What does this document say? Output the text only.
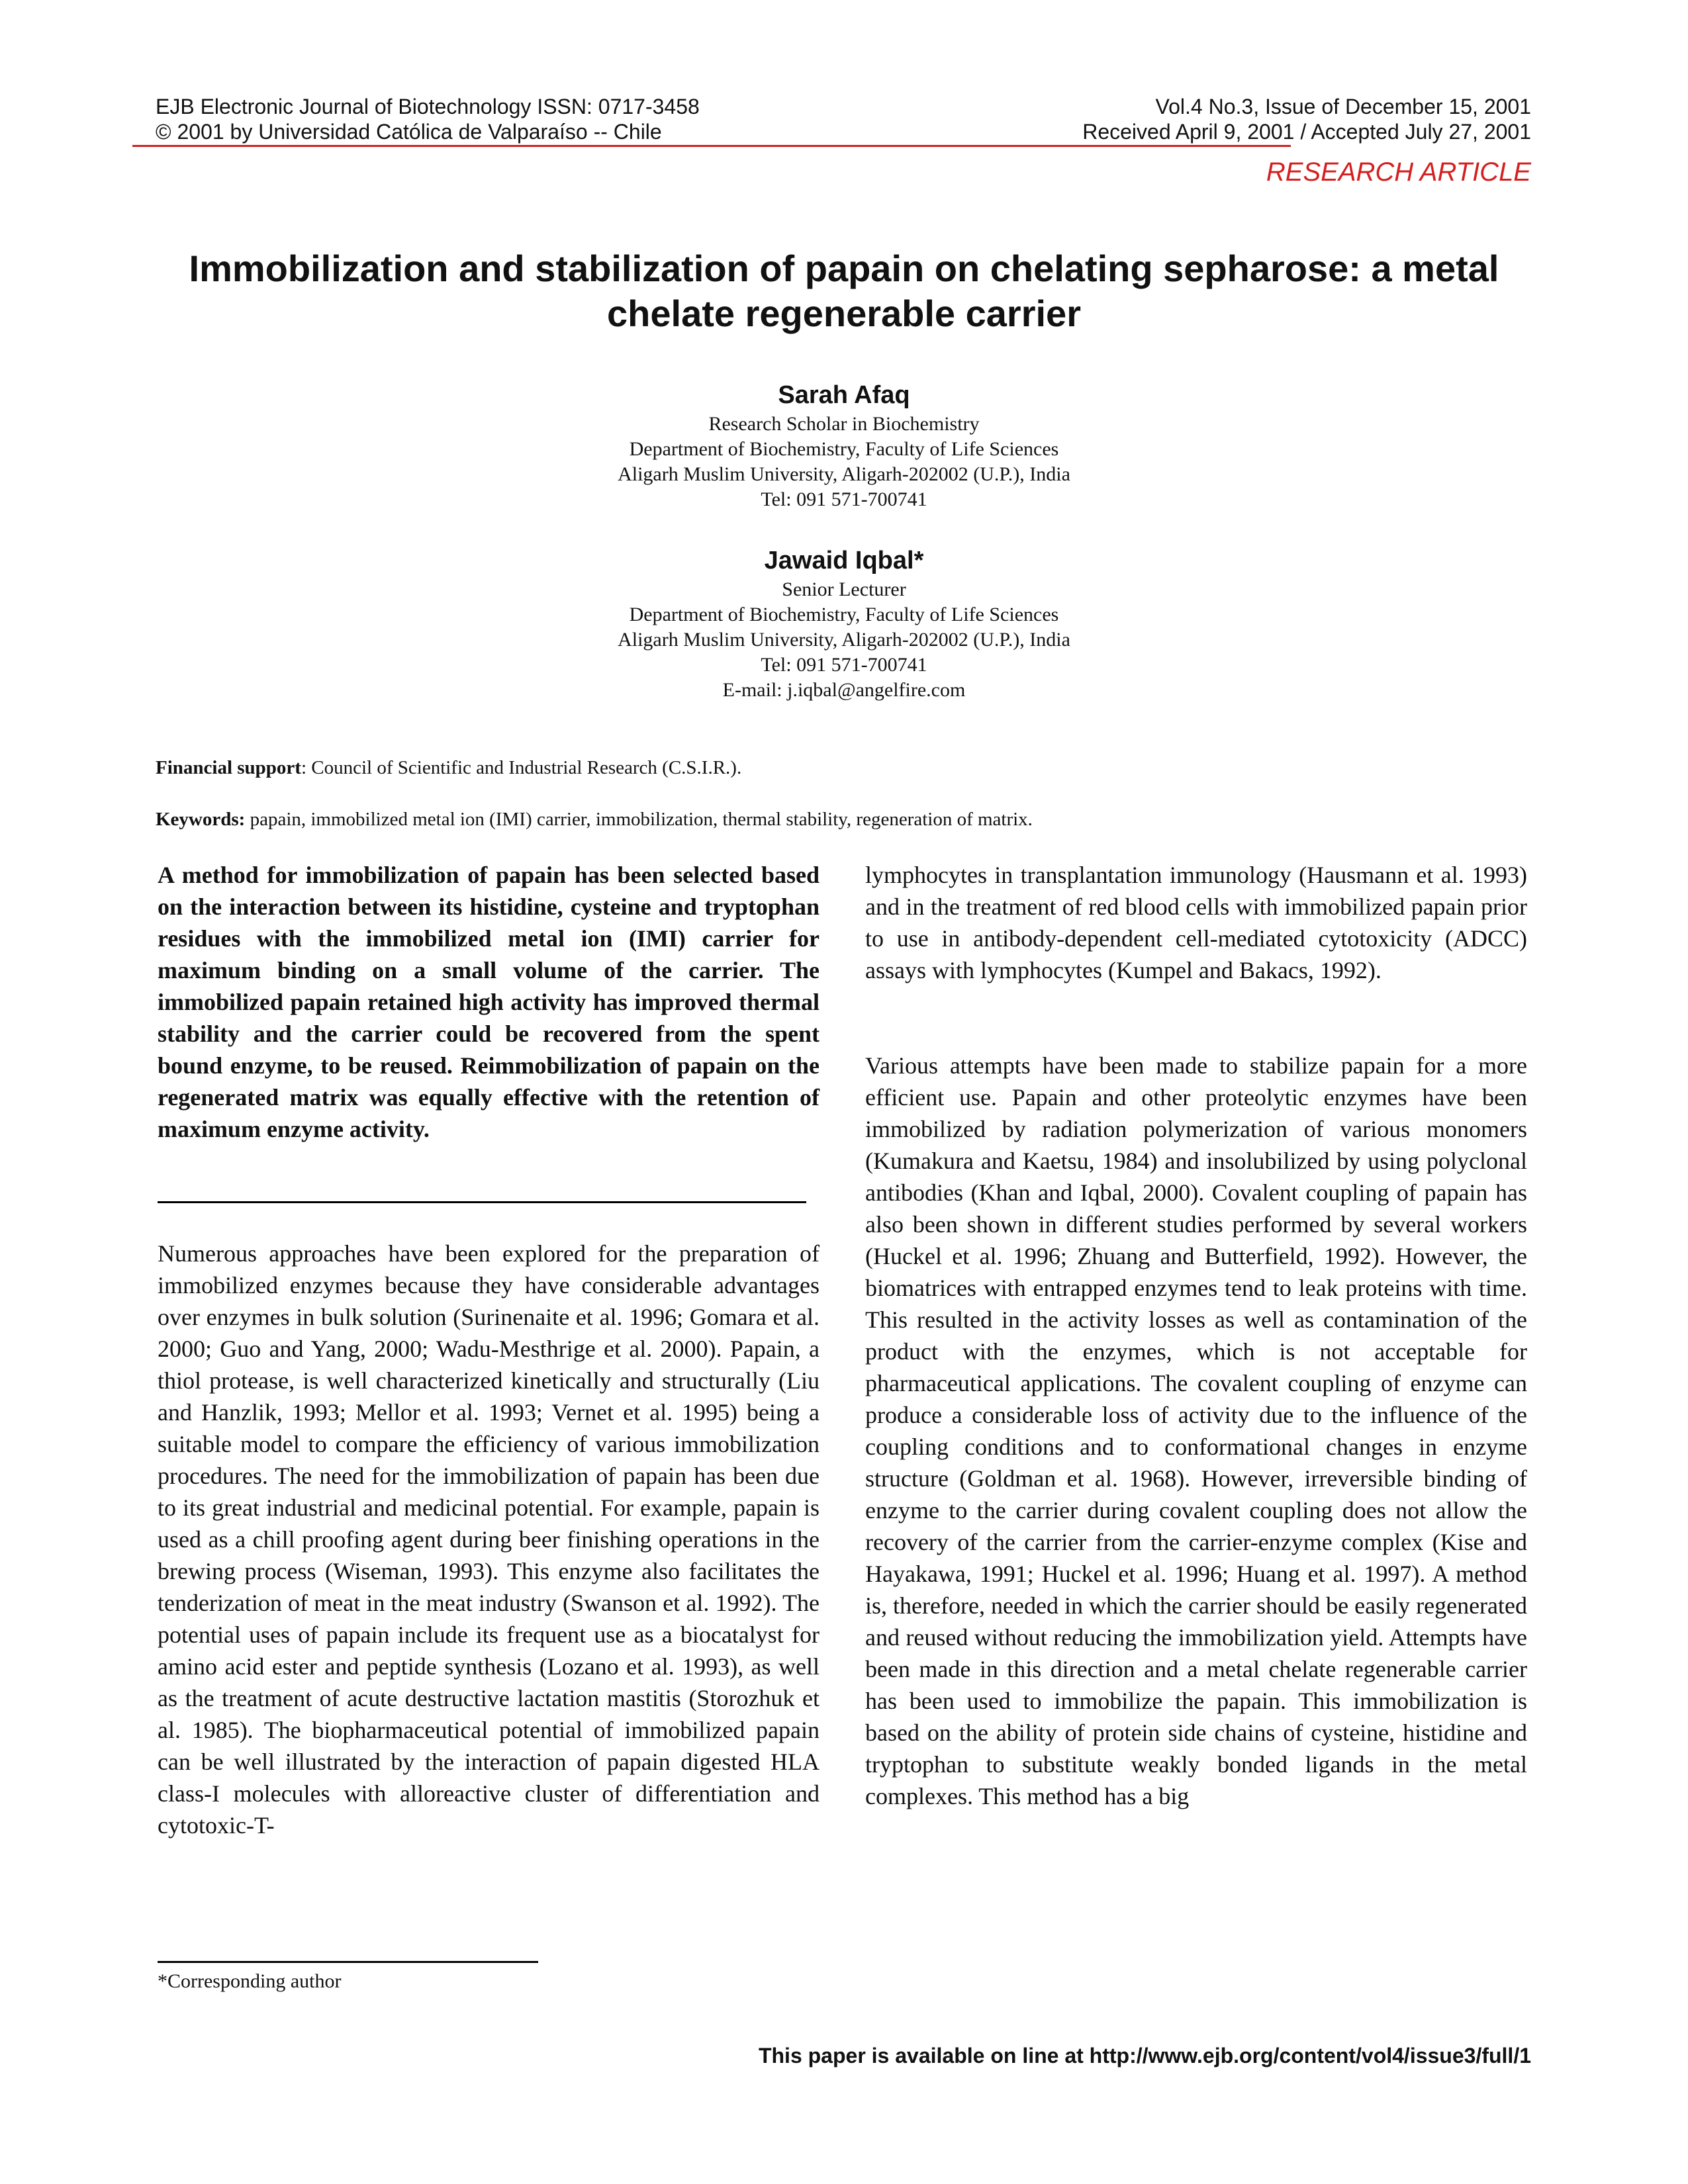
EJB Electronic Journal of Biotechnology ISSN: 0717-3458
© 2001 by Universidad Católica de Valparaíso -- Chile
Vol.4 No.3, Issue of December 15, 2001
Received April 9, 2001 / Accepted July 27, 2001
RESEARCH ARTICLE
Immobilization and stabilization of papain on chelating sepharose: a metal chelate regenerable carrier
Sarah Afaq
Research Scholar in Biochemistry
Department of Biochemistry, Faculty of Life Sciences
Aligarh Muslim University, Aligarh-202002 (U.P.), India
Tel: 091 571-700741
Jawaid Iqbal*
Senior Lecturer
Department of Biochemistry, Faculty of Life Sciences
Aligarh Muslim University, Aligarh-202002 (U.P.), India
Tel: 091 571-700741
E-mail: j.iqbal@angelfire.com
Financial support: Council of Scientific and Industrial Research (C.S.I.R.).
Keywords: papain, immobilized metal ion (IMI) carrier, immobilization, thermal stability, regeneration of matrix.

A method for immobilization of papain has been selected based on the interaction between its histidine, cysteine and tryptophan residues with the immobilized metal ion (IMI) carrier for maximum binding on a small volume of the carrier. The immobilized papain retained high activity has improved thermal stability and the carrier could be recovered from the spent bound enzyme, to be reused. Reimmobilization of papain on the regenerated matrix was equally effective with the retention of maximum enzyme activity.

Numerous approaches have been explored for the preparation of immobilized enzymes because they have considerable advantages over enzymes in bulk solution (Surinenaite et al. 1996; Gomara et al. 2000; Guo and Yang, 2000; Wadu-Mesthrige et al. 2000). Papain, a thiol protease, is well characterized kinetically and structurally (Liu and Hanzlik, 1993; Mellor et al. 1993; Vernet et al. 1995) being a suitable model to compare the efficiency of various immobilization procedures. The need for the immobilization of papain has been due to its great industrial and medicinal potential. For example, papain is used as a chill proofing agent during beer finishing operations in the brewing process (Wiseman, 1993). This enzyme also facilitates the tenderization of meat in the meat industry (Swanson et al. 1992). The potential uses of papain include its frequent use as a biocatalyst for amino acid ester and peptide synthesis (Lozano et al. 1993), as well as the treatment of acute destructive lactation mastitis (Storozhuk et al. 1985). The biopharmaceutical potential of immobilized papain can be well illustrated by the interaction of papain digested HLA class-I molecules with alloreactive cluster of differentiation and cytotoxic-T-

lymphocytes in transplantation immunology (Hausmann et al. 1993) and in the treatment of red blood cells with immobilized papain prior to use in antibody-dependent cell-mediated cytotoxicity (ADCC) assays with lymphocytes (Kumpel and Bakacs, 1992).

Various attempts have been made to stabilize papain for a more efficient use. Papain and other proteolytic enzymes have been immobilized by radiation polymerization of various monomers (Kumakura and Kaetsu, 1984) and insolubilized by using polyclonal antibodies (Khan and Iqbal, 2000). Covalent coupling of papain has also been shown in different studies performed by several workers (Huckel et al. 1996; Zhuang and Butterfield, 1992). However, the biomatrices with entrapped enzymes tend to leak proteins with time. This resulted in the activity losses as well as contamination of the product with the enzymes, which is not acceptable for pharmaceutical applications. The covalent coupling of enzyme can produce a considerable loss of activity due to the influence of the coupling conditions and to conformational changes in enzyme structure (Goldman et al. 1968). However, irreversible binding of enzyme to the carrier during covalent coupling does not allow the recovery of the carrier from the carrier-enzyme complex (Kise and Hayakawa, 1991; Huckel et al. 1996; Huang et al. 1997). A method is, therefore, needed in which the carrier should be easily regenerated and reused without reducing the immobilization yield. Attempts have been made in this direction and a metal chelate regenerable carrier has been used to immobilize the papain. This immobilization is based on the ability of protein side chains of cysteine, histidine and tryptophan to substitute weakly bonded ligands in the metal complexes. This method has a big

*Corresponding author
This paper is available on line at http://www.ejb.org/content/vol4/issue3/full/1
